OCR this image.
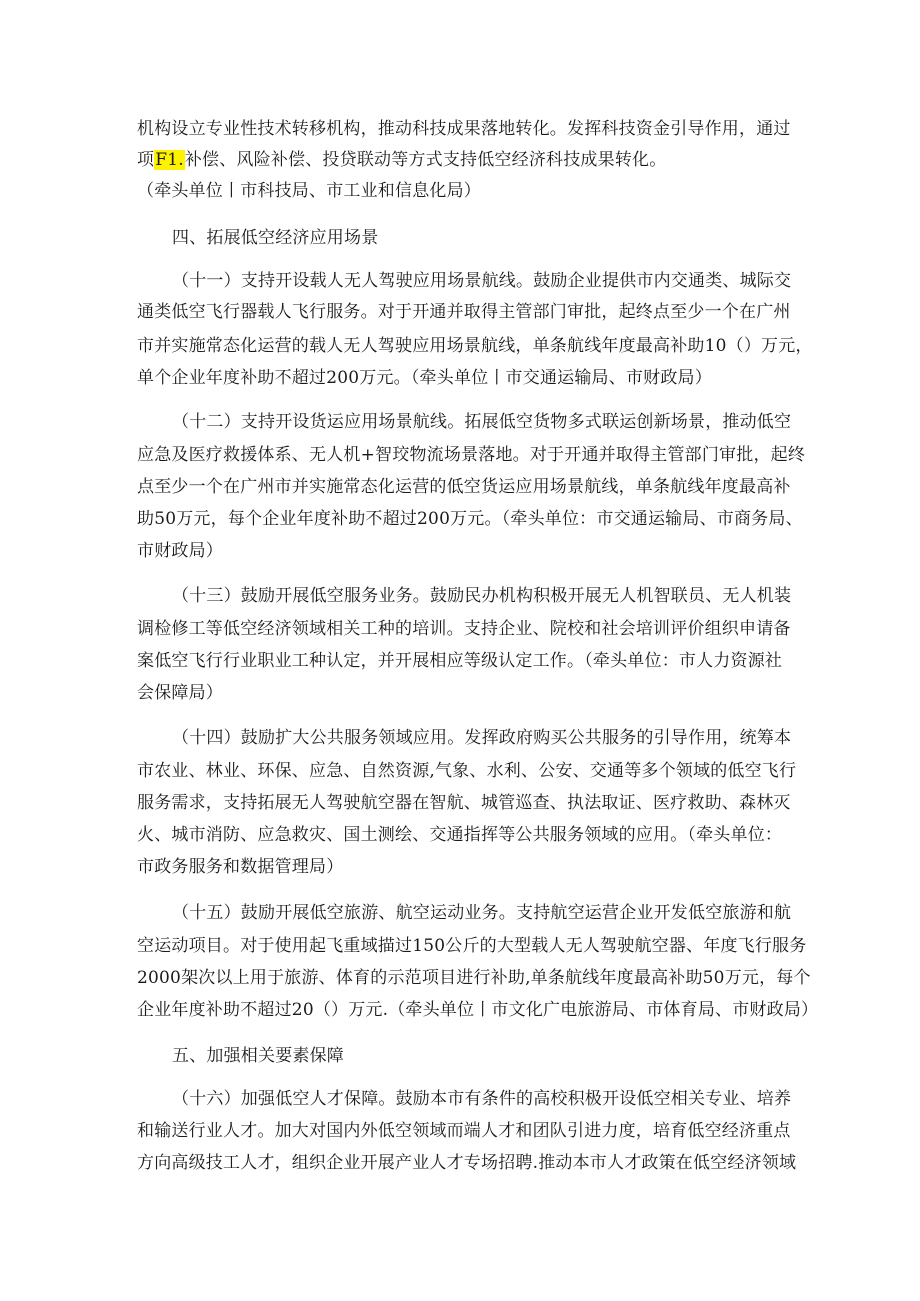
机构设立专业性技术转移机构，推动科技成果落地转化。发挥科技资金引导作用，通过
项F1.补偿、风险补偿、投贷联动等方式支持低空经济科技成果转化。
（牵头单位丨市科技局、市工业和信息化局）
四、拓展低空经济应用场景
（十一）支持开设载人无人驾驶应用场景航线。鼓励企业提供市内交通类、城际交
通类低空飞行器载人飞行服务。对于开通并取得主管部门审批，起终点至少一个在广州
市并实施常态化运营的载人无人驾驶应用场景航线，单条航线年度最高补助10（）万元，
单个企业年度补助不超过200万元。（牵头单位丨市交通运输局、市财政局）
（十二）支持开设货运应用场景航线。拓展低空货物多式联运创新场景，推动低空
应急及医疗救援体系、无人机+智珓物流场景落地。对于开通并取得主管部门审批，起终
点至少一个在广州市并实施常态化运营的低空货运应用场景航线，单条航线年度最高补
助50万元，每个企业年度补助不超过200万元。（牵头单位：市交通运输局、市商务局、
市财政局）
（十三）鼓励开展低空服务业务。鼓励民办机构积极开展无人机智联员、无人机装
调检修工等低空经济领域相关工种的培训。支持企业、院校和社会培训评价组织申请备
案低空飞行行业职业工种认定，并开展相应等级认定工作。（牵头单位：市人力资源社
会保障局）
（十四）鼓励扩大公共服务领域应用。发挥政府购买公共服务的引导作用，统筹本
市农业、林业、环保、应急、自然资源,气象、水利、公安、交通等多个领域的低空飞行
服务需求，支持拓展无人驾驶航空器在智航、城管巡查、执法取证、医疗救助、森林灭
火、城市消防、应急救灾、国土测绘、交通指挥等公共服务领域的应用。（牵头单位：
市政务服务和数据管理局）
（十五）鼓励开展低空旅游、航空运动业务。支持航空运营企业开发低空旅游和航
空运动项目。对于使用起飞重域描过150公斤的大型载人无人驾驶航空器、年度飞行服务
2000架次以上用于旅游、体育的示范项目进行补助,单条航线年度最高补助50万元，每个
企业年度补助不超过20（）万元.（牵头单位丨市文化广电旅游局、市体育局、市财政局）
五、加强相关要素保障
（十六）加强低空人才保障。鼓励本市有条件的高校积极开设低空相关专业、培养
和输送行业人才。加大对国内外低空领域而端人才和团队引进力度，培育低空经济重点
方向高级技工人才，组织企业开展产业人才专场招聘.推动本市人才政策在低空经济领域
